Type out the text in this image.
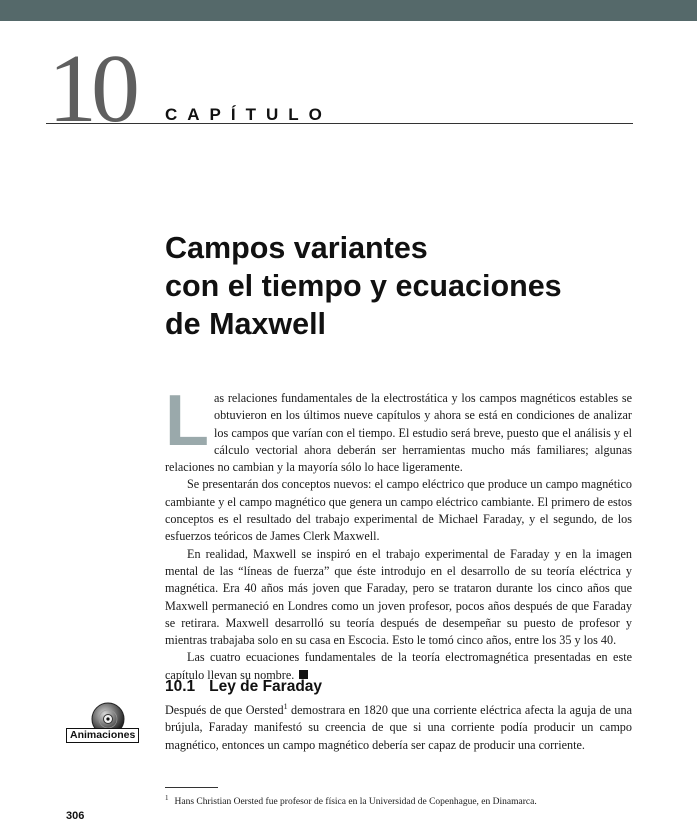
10 CAPÍTULO
Campos variantes
con el tiempo y ecuaciones
de Maxwell

Las relaciones fundamentales de la electrostática y los campos magnéticos estables se obtuvieron en los últimos nueve capítulos y ahora se está en condiciones de analizar los campos que varían con el tiempo. El estudio será breve, puesto que el análisis y el cálculo vectorial ahora deberán ser herramientas mucho más familiares; algunas relaciones no cambian y la mayoría sólo lo hace ligeramente.

Se presentarán dos conceptos nuevos: el campo eléctrico que produce un campo magnético cambiante y el campo magnético que genera un campo eléctrico cambiante. El primero de estos conceptos es el resultado del trabajo experimental de Michael Faraday, y el segundo, de los esfuerzos teóricos de James Clerk Maxwell.

En realidad, Maxwell se inspiró en el trabajo experimental de Faraday y en la imagen mental de las “líneas de fuerza” que éste introdujo en el desarrollo de su teoría eléctrica y magnética. Era 40 años más joven que Faraday, pero se trataron durante los cinco años que Maxwell permaneció en Londres como un joven profesor, pocos años después de que Faraday se retirara. Maxwell desarrolló su teoría después de desempeñar su puesto de profesor y mientras trabajaba solo en su casa en Escocia. Esto le tomó cinco años, entre los 35 y los 40.

Las cuatro ecuaciones fundamentales de la teoría electromagnética presentadas en este capítulo llevan su nombre.

10.1 Ley de Faraday
Animaciones

Después de que Oersted$^1$ demostrara en 1820 que una corriente eléctrica afecta la aguja de una brújula, Faraday manifestó su creencia de que si una corriente podía producir un campo magnético, entonces un campo magnético debería ser capaz de producir una corriente.

$^1$ Hans Christian Oersted fue profesor de física en la Universidad de Copenhague, en Dinamarca.

306
